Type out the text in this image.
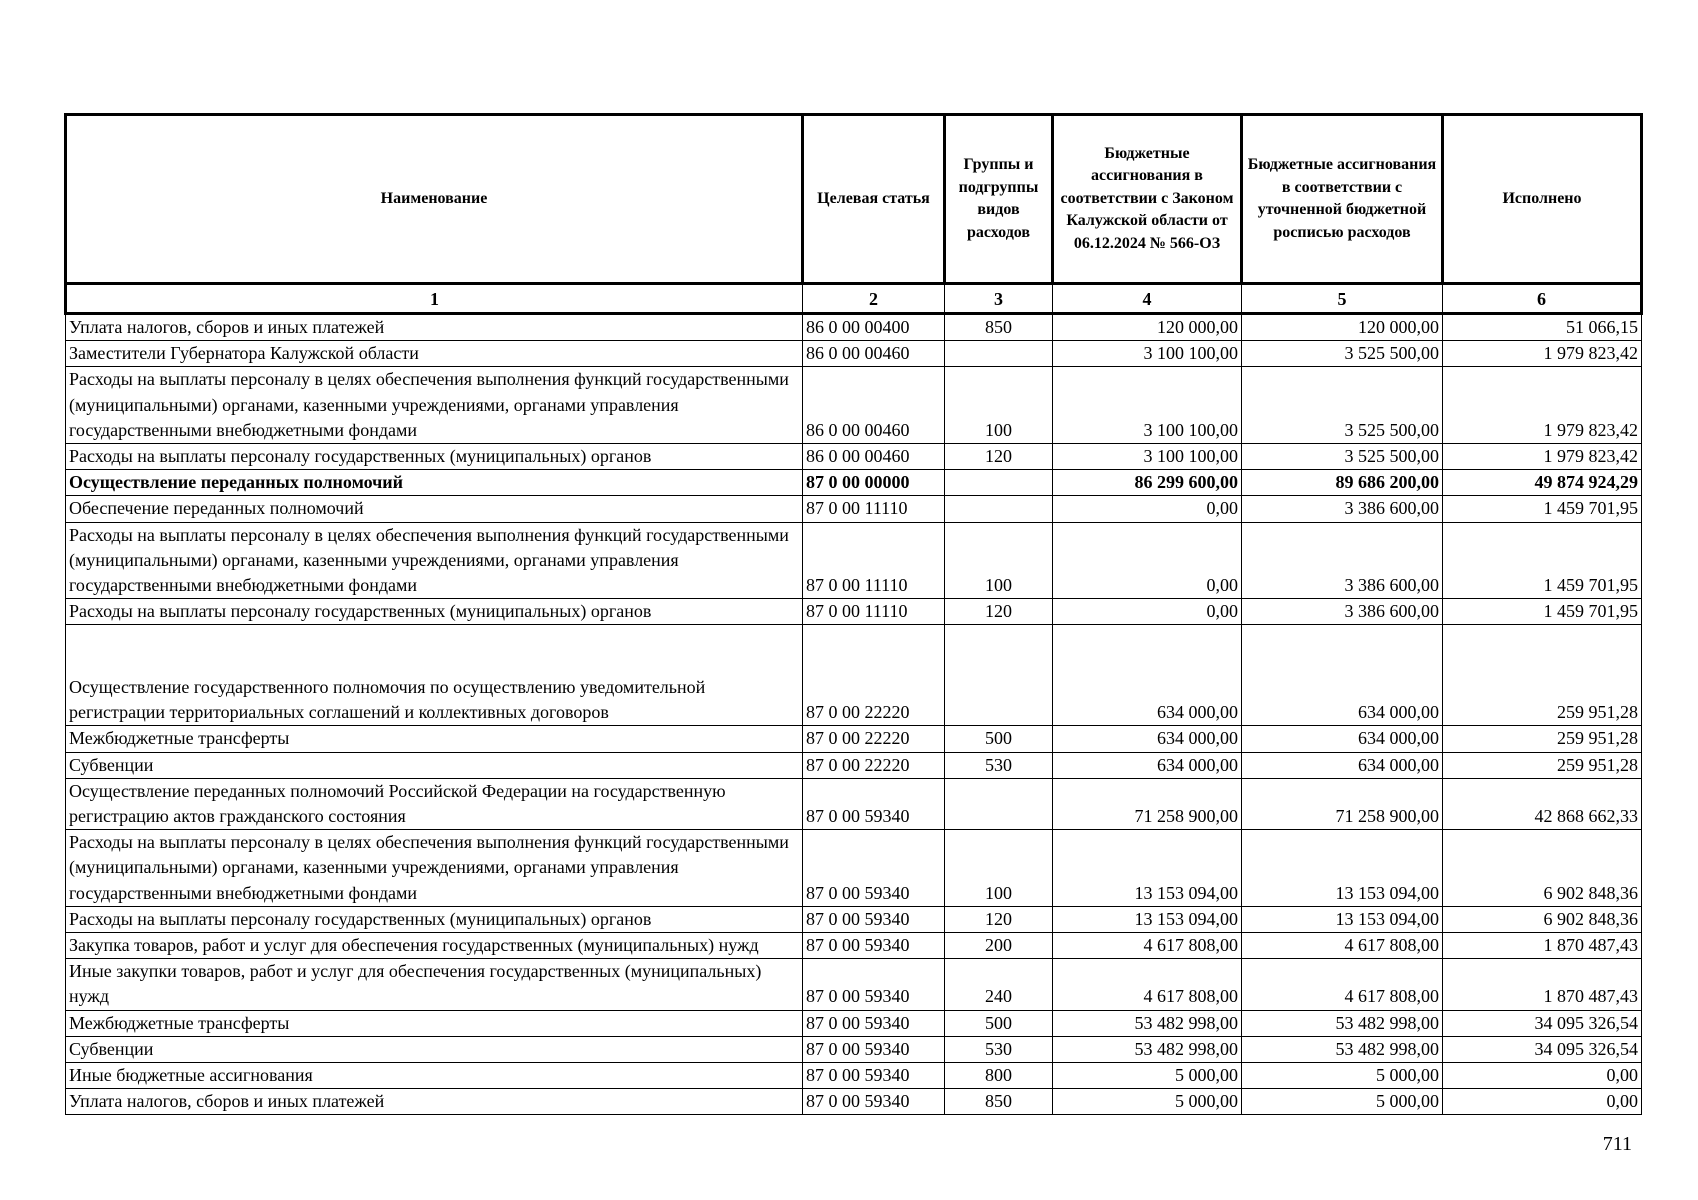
Наименование	Целевая статья	Группы и подгруппы видов расходов	Бюджетные ассигнования в соответствии с Законом Калужской области от 06.12.2024 № 566-ОЗ	Бюджетные ассигнования в соответствии с уточненной бюджетной росписью расходов	Исполнено
1	2	3	4	5	6
Уплата налогов, сборов и иных платежей	86 0 00 00400	850	120 000,00	120 000,00	51 066,15
Заместители Губернатора Калужской области	86 0 00 00460		3 100 100,00	3 525 500,00	1 979 823,42
Расходы на выплаты персоналу в целях обеспечения выполнения функций государственными (муниципальными) органами, казенными учреждениями, органами управления государственными внебюджетными фондами	86 0 00 00460	100	3 100 100,00	3 525 500,00	1 979 823,42
Расходы на выплаты персоналу государственных (муниципальных) органов	86 0 00 00460	120	3 100 100,00	3 525 500,00	1 979 823,42
Осуществление переданных полномочий	87 0 00 00000		86 299 600,00	89 686 200,00	49 874 924,29
Обеспечение переданных полномочий	87 0 00 11110		0,00	3 386 600,00	1 459 701,95
Расходы на выплаты персоналу в целях обеспечения выполнения функций государственными (муниципальными) органами, казенными учреждениями, органами управления государственными внебюджетными фондами	87 0 00 11110	100	0,00	3 386 600,00	1 459 701,95
Расходы на выплаты персоналу государственных (муниципальных) органов	87 0 00 11110	120	0,00	3 386 600,00	1 459 701,95
Осуществление государственного полномочия по осуществлению уведомительной регистрации территориальных соглашений и коллективных договоров	87 0 00 22220		634 000,00	634 000,00	259 951,28
Межбюджетные трансферты	87 0 00 22220	500	634 000,00	634 000,00	259 951,28
Субвенции	87 0 00 22220	530	634 000,00	634 000,00	259 951,28
Осуществление переданных полномочий Российской Федерации на государственную регистрацию актов гражданского состояния	87 0 00 59340		71 258 900,00	71 258 900,00	42 868 662,33
Расходы на выплаты персоналу в целях обеспечения выполнения функций государственными (муниципальными) органами, казенными учреждениями, органами управления государственными внебюджетными фондами	87 0 00 59340	100	13 153 094,00	13 153 094,00	6 902 848,36
Расходы на выплаты персоналу государственных (муниципальных) органов	87 0 00 59340	120	13 153 094,00	13 153 094,00	6 902 848,36
Закупка товаров, работ и услуг для обеспечения государственных (муниципальных) нужд	87 0 00 59340	200	4 617 808,00	4 617 808,00	1 870 487,43
Иные закупки товаров, работ и услуг для обеспечения государственных (муниципальных) нужд	87 0 00 59340	240	4 617 808,00	4 617 808,00	1 870 487,43
Межбюджетные трансферты	87 0 00 59340	500	53 482 998,00	53 482 998,00	34 095 326,54
Субвенции	87 0 00 59340	530	53 482 998,00	53 482 998,00	34 095 326,54
Иные бюджетные ассигнования	87 0 00 59340	800	5 000,00	5 000,00	0,00
Уплата налогов, сборов и иных платежей	87 0 00 59340	850	5 000,00	5 000,00	0,00
711
